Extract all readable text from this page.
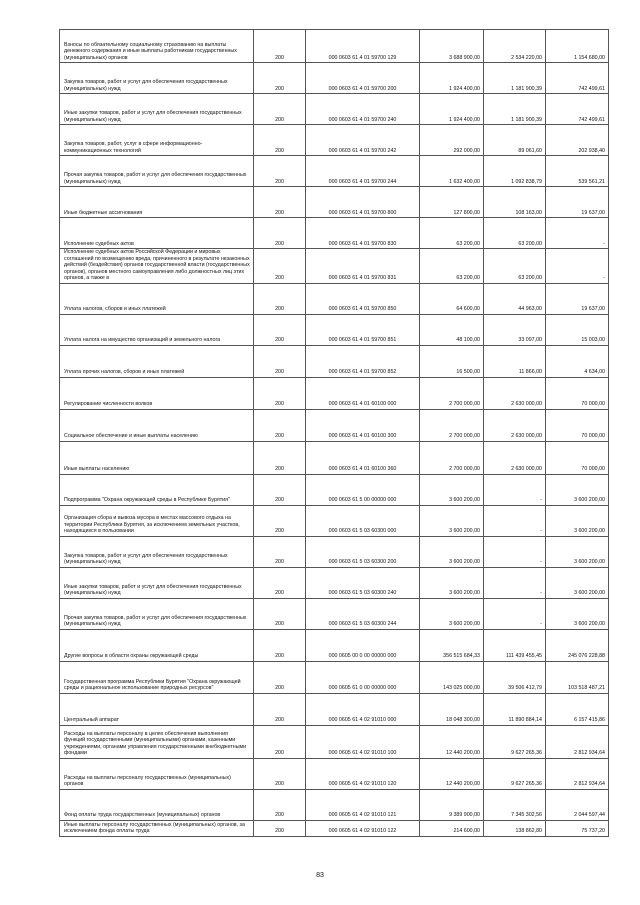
Взносы по обязательному социальному страхованию на выплаты денежного содержания и иные выплаты работникам государственных (муниципальных) органов	200	000 0603 61 4 01 59700 129	3 688 900,00	2 534 220,00	1 154 680,00
Закупка товаров, работ и услуг для обеспечения государственных (муниципальных) нужд	200	000 0603 61 4 01 59700 200	1 924 400,00	1 181 900,39	742 499,61
Иные закупки товаров, работ и услуг для обеспечения государственных (муниципальных) нужд	200	000 0603 61 4 01 59700 240	1 924 400,00	1 181 900,39	742 499,61
Закупка товаров, работ, услуг в сфере информационно-коммуникационных технологий	200	000 0603 61 4 01 59700 242	292 000,00	89 061,60	202 938,40
Прочая закупка товаров, работ и услуг для обеспечения государственных (муниципальных) нужд	200	000 0603 61 4 01 59700 244	1 632 400,00	1 092 838,79	539 561,21
Иные бюджетные ассигнования	200	000 0603 61 4 01 59700 800	127 800,00	108 163,00	19 637,00
Исполнение судебных актов	200	000 0603 61 4 01 59700 830	63 200,00	63 200,00	-
Исполнение судебных актов Российской Федерации и мировых соглашений по возмещению вреда, причиненного в результате незаконных действий (бездействия) органов государственной власти (государственных органов), органов местного самоуправления либо должностных лиц этих органов, а также в	200	000 0603 61 4 01 59700 831	63 200,00	63 200,00	-
Уплата налогов, сборов и иных платежей	200	000 0603 61 4 01 59700 850	64 600,00	44 963,00	19 637,00
Уплата налога на имущество организаций и земельного налога	200	000 0603 61 4 01 59700 851	48 100,00	33 097,00	15 003,00
Уплата прочих налогов, сборов и иных платежей	200	000 0603 61 4 01 59700 852	16 500,00	11 866,00	4 634,00
Регулирование численности волков	200	000 0603 61 4 01 60100 000	2 700 000,00	2 630 000,00	70 000,00
Социальное обеспечение и иные выплаты населению	200	000 0603 61 4 01 60100 300	2 700 000,00	2 630 000,00	70 000,00
Иные выплаты населению	200	000 0603 61 4 01 60100 360	2 700 000,00	2 630 000,00	70 000,00
Подпрограмма "Охрана окружающей среды в Республике Бурятия"	200	000 0603 61 5 00 00000 000	3 600 200,00	-	3 600 200,00
Организация сбора и вывоза мусора в местах массового отдыха на территории Республики Бурятия, за исключением земельных участков, находящихся в пользовании	200	000 0603 61 5 03 60300 000	3 600 200,00	-	3 600 200,00
Закупка товаров, работ и услуг для обеспечения государственных (муниципальных) нужд	200	000 0603 61 5 03 60300 200	3 600 200,00	-	3 600 200,00
Иные закупки товаров, работ и услуг для обеспечения государственных (муниципальных) нужд	200	000 0603 61 5 03 60300 240	3 600 200,00	-	3 600 200,00
Прочая закупка товаров, работ и услуг для обеспечения государственных (муниципальных) нужд	200	000 0603 61 5 03 60300 244	3 600 200,00	-	3 600 200,00
Другие вопросы в области охраны окружающей среды	200	000 0605 00 0 00 00000 000	356 515 684,33	111 439 455,45	245 076 228,88
Государственная программа Республики Бурятия "Охрана окружающей среды и рациональное использование природных ресурсов"	200	000 0605 61 0 00 00000 000	143 025 000,00	39 506 412,79	103 518 487,21
Центральный аппарат	200	000 0605 61 4 02 91010 000	18 048 300,00	11 890 884,14	6 157 415,86
Расходы на выплаты персоналу в целях обеспечения выполнения функций государственными (муниципальными) органами, казенными учреждениями, органами управления государственными внебюджетными фондами	200	000 0605 61 4 02 91010 100	12 440 200,00	9 627 265,36	2 812 934,64
Расходы на выплаты персоналу государственных (муниципальных) органов	200	000 0605 61 4 02 91010 120	12 440 200,00	9 627 265,36	2 812 934,64
Фонд оплаты труда государственных (муниципальных) органов	200	000 0605 61 4 02 91010 121	9 389 900,00	7 345 302,56	2 044 597,44
Иные выплаты персоналу государственных (муниципальных) органов, за исключением фонда оплаты труда	200	000 0605 61 4 02 91010 122	214 600,00	138 862,80	75 737,20
83
